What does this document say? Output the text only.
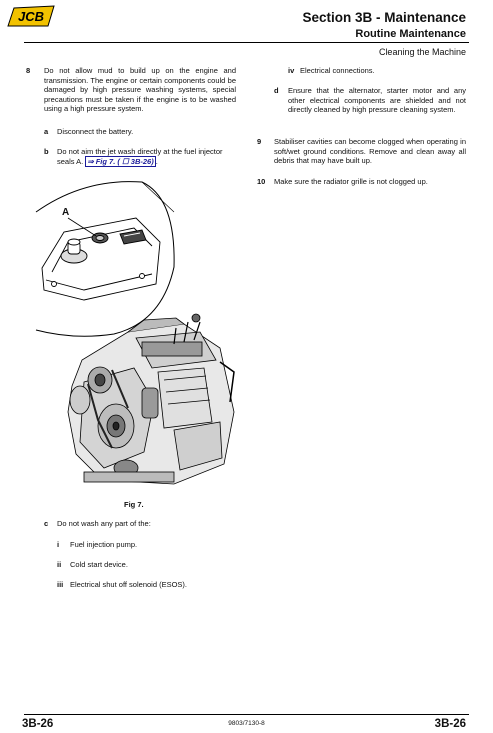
JCB	Section 3B - Maintenance
Routine Maintenance
Cleaning the Machine
8 Do not allow mud to build up on the engine and transmission. The engine or certain components could be damaged by high pressure washing systems, special precautions must be taken if the engine is to be washed using a high pressure system.
a Disconnect the battery.
b Do not aim the jet wash directly at the fuel injector seals A. ⇒ Fig 7. ( ☐ 3B-26) .
A
Fig 7.
c Do not wash any part of the:
i Fuel injection pump.
ii Cold start device.
iii Electrical shut off solenoid (ESOS).
iv Electrical connections.
d Ensure that the alternator, starter motor and any other electrical components are shielded and not directly cleaned by high pressure cleaning system.
9 Stabiliser cavities can become clogged when operating in soft/wet ground conditions. Remove and clean away all debris that may have built up.
10 Make sure the radiator grille is not clogged up.
3B-26	9803/7130-8	3B-26
